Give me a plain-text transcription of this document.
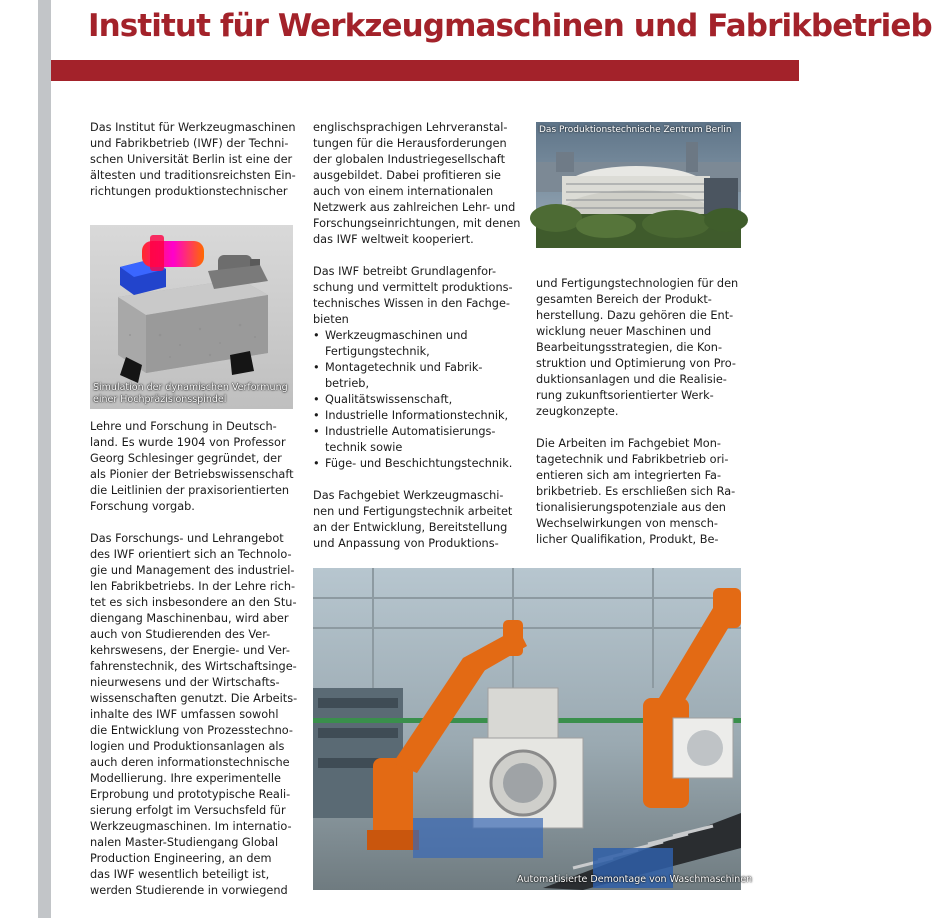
Institut für Werkzeugmaschinen und Fabrikbetrieb

Das Institut für Werkzeugmaschinen
und Fabrikbetrieb (IWF) der Techni-
schen Universität Berlin ist eine der
ältesten und traditionsreichsten Ein-
richtungen produktionstechnischer

Simulation der dynamischen Verformung
einer Hochpräzisionsspindel

Lehre und Forschung in Deutsch-
land. Es wurde 1904 von Professor
Georg Schlesinger gegründet, der
als Pionier der Betriebswissenschaft
die Leitlinien der praxisorientierten
Forschung vorgab.

Das Forschungs- und Lehrangebot
des IWF orientiert sich an Technolo-
gie und Management des industriel-
len Fabrikbetriebs. In der Lehre rich-
tet es sich insbesondere an den Stu-
diengang Maschinenbau, wird aber
auch von Studierenden des Ver-
kehrswesens, der Energie- und Ver-
fahrenstechnik, des Wirtschaftsinge-
nieurwesens und der Wirtschafts-
wissenschaften genutzt. Die Arbeits-
inhalte des IWF umfassen sowohl
die Entwicklung von Prozesstechno-
logien und Produktionsanlagen als
auch deren informationstechnische
Modellierung. Ihre experimentelle
Erprobung und prototypische Reali-
sierung erfolgt im Versuchsfeld für
Werkzeugmaschinen. Im internatio-
nalen Master-Studiengang Global
Production Engineering, an dem
das IWF wesentlich beteiligt ist,
werden Studierende in vorwiegend

englischsprachigen Lehrveranstal-
tungen für die Herausforderungen
der globalen Industriegesellschaft
ausgebildet. Dabei profitieren sie
auch von einem internationalen
Netzwerk aus zahlreichen Lehr- und
Forschungseinrichtungen, mit denen
das IWF weltweit kooperiert.

Das IWF betreibt Grundlagenfor-
schung und vermittelt produktions-
technisches Wissen in den Fachge-
bieten
• Werkzeugmaschinen und
Fertigungstechnik,
• Montagetechnik und Fabrik-
betrieb,
• Qualitätswissenschaft,
• Industrielle Informationstechnik,
• Industrielle Automatisierungs-
technik sowie
• Füge- und Beschichtungstechnik.

Das Fachgebiet Werkzeugmaschi-
nen und Fertigungstechnik arbeitet
an der Entwicklung, Bereitstellung
und Anpassung von Produktions-

Das Produktionstechnische Zentrum Berlin

und Fertigungstechnologien für den
gesamten Bereich der Produkt-
herstellung. Dazu gehören die Ent-
wicklung neuer Maschinen und
Bearbeitungsstrategien, die Kon-
struktion und Optimierung von Pro-
duktionsanlagen und die Realisie-
rung zukunftsorientierter Werk-
zeugkonzepte.

Die Arbeiten im Fachgebiet Mon-
tagetechnik und Fabrikbetrieb ori-
entieren sich am integrierten Fa-
brikbetrieb. Es erschließen sich Ra-
tionalisierungspotenziale aus den
Wechselwirkungen von mensch-
licher Qualifikation, Produkt, Be-

Automatisierte Demontage von Waschmaschinen
